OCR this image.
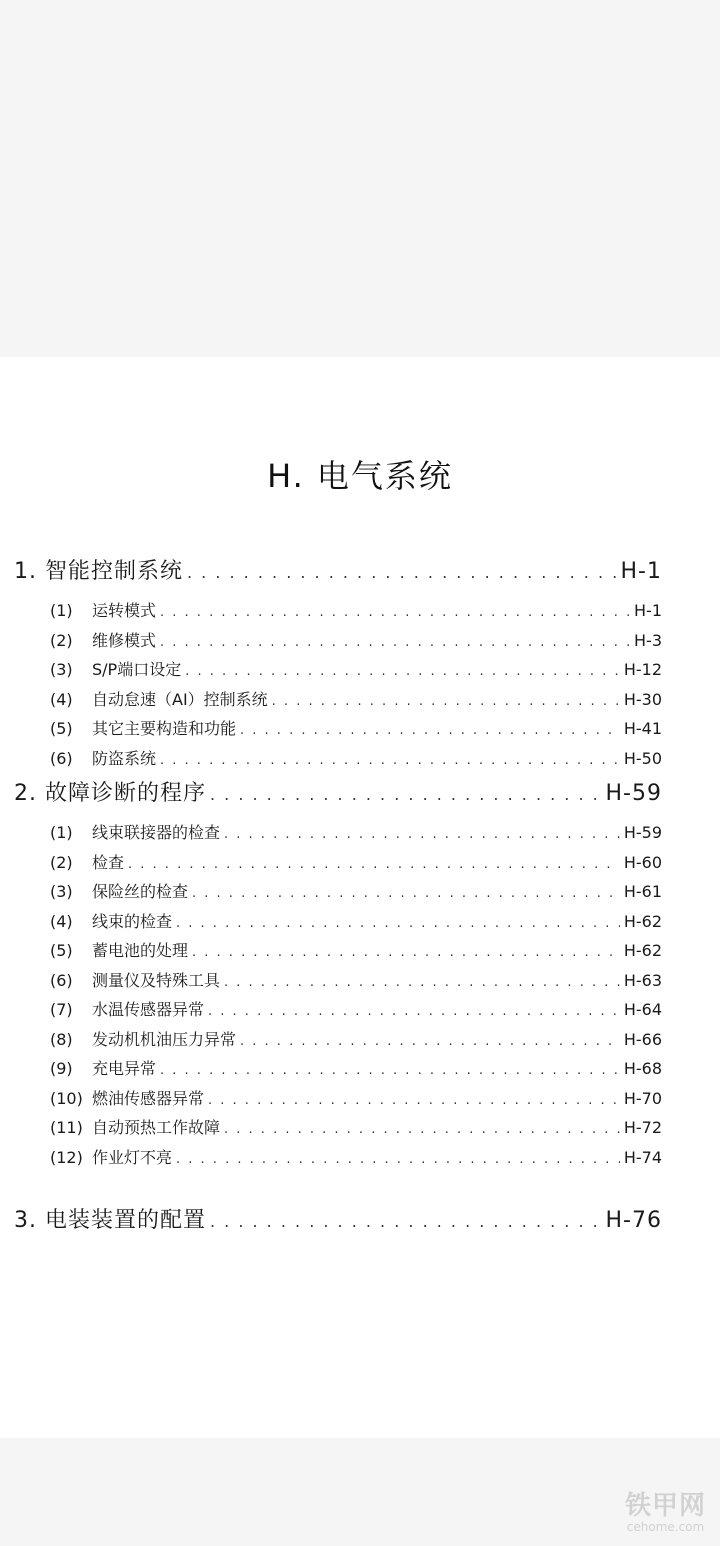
H. 电气系统
1. 智能控制系统 . . .	H-1
(1) 运转模式 . . .	H-1
(2) 维修模式 . . .	H-3
(3) S/P端口设定 . . .	H-12
(4) 自动怠速（AI）控制系统 . . .	H-30
(5) 其它主要构造和功能 . . .	H-41
(6) 防盗系统 . . .	H-50
2. 故障诊断的程序 . . .	H-59
(1) 线束联接器的检查 . . .	H-59
(2) 检查 . . .	H-60
(3) 保险丝的检查 . . .	H-61
(4) 线束的检查 . . .	H-62
(5) 蓄电池的处理 . . .	H-62
(6) 测量仪及特殊工具 . . .	H-63
(7) 水温传感器异常 . . .	H-64
(8) 发动机机油压力异常 . . .	H-66
(9) 充电异常 . . .	H-68
(10) 燃油传感器异常 . . .	H-70
(11) 自动预热工作故障 . . .	H-72
(12) 作业灯不亮 . . .	H-74
3. 电装装置的配置 . . .	H-76
铁甲网
cehome.com
